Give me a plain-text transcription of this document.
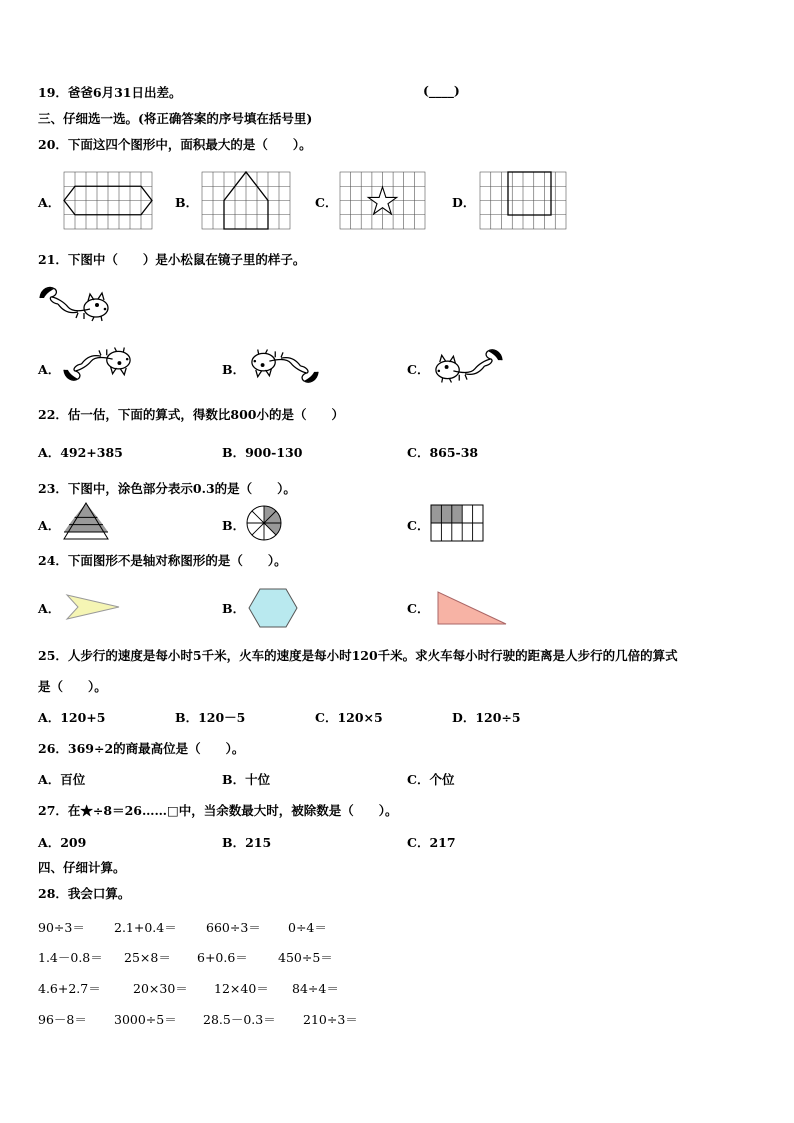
19．爸爸6月31日出差。	(____)
三、仔细选一选。(将正确答案的序号填在括号里)
20．下面这四个图形中，面积最大的是（　　）。
A．	B．	C．	D．
21．下图中（　　）是小松鼠在镜子里的样子。
A．	B．	C．
22．估一估，下面的算式，得数比800小的是（　　）
A．492+385	B．900-130	C．865-38
23．下图中，涂色部分表示0.3的是（　　）。
A．	B．	C．
24．下面图形不是轴对称图形的是（　　）。
A．	B．	C．
25．人步行的速度是每小时5千米，火车的速度是每小时120千米。求火车每小时行驶的距离是人步行的几倍的算式
是（　　）。
A．120+5	B．120－5	C．120×5	D．120÷5
26．369÷2的商最高位是（　　）。
A．百位	B．十位	C．个位
27．在★÷8＝26……□中，当余数最大时，被除数是（　　）。
A．209	B．215	C．217
四、仔细计算。
28．我会口算。
90÷3＝ 2.1+0.4＝ 660÷3＝ 0÷4＝
1.4－0.8＝ 25×8＝ 6+0.6＝ 450÷5＝
4.6+2.7＝	20×30＝ 12×40＝ 84÷4＝
96－8＝ 3000÷5＝ 28.5－0.3＝ 210÷3＝
